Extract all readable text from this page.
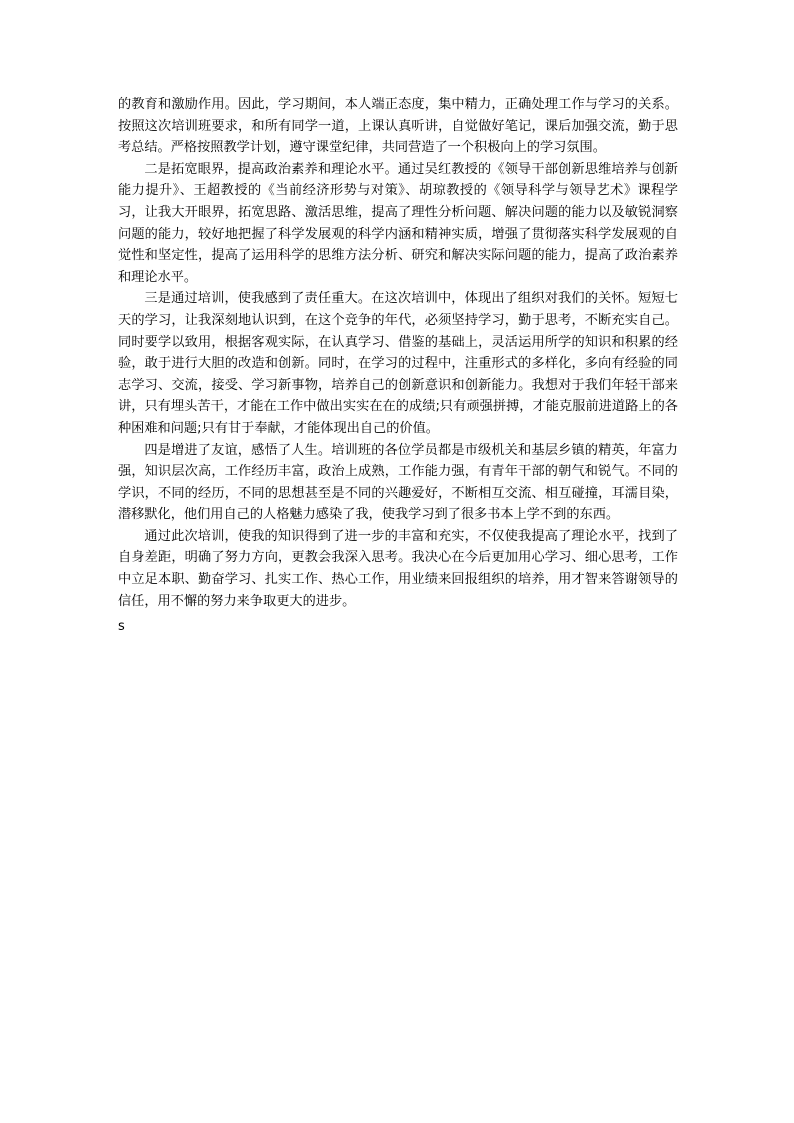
的教育和激励作用。因此，学习期间，本人端正态度，集中精力，正确处理工作与学习的关系。按照这次培训班要求，和所有同学一道，上课认真听讲，自觉做好笔记，课后加强交流，勤于思考总结。严格按照教学计划，遵守课堂纪律，共同营造了一个积极向上的学习氛围。

二是拓宽眼界，提高政治素养和理论水平。通过吴红教授的《领导干部创新思维培养与创新能力提升》、王超教授的《当前经济形势与对策》、胡琼教授的《领导科学与领导艺术》课程学习，让我大开眼界，拓宽思路、激活思维，提高了理性分析问题、解决问题的能力以及敏锐洞察问题的能力，较好地把握了科学发展观的科学内涵和精神实质，增强了贯彻落实科学发展观的自觉性和坚定性，提高了运用科学的思维方法分析、研究和解决实际问题的能力，提高了政治素养和理论水平。

三是通过培训，使我感到了责任重大。在这次培训中，体现出了组织对我们的关怀。短短七天的学习，让我深刻地认识到，在这个竞争的年代，必须坚持学习，勤于思考，不断充实自己。同时要学以致用，根据客观实际，在认真学习、借鉴的基础上，灵活运用所学的知识和积累的经验，敢于进行大胆的改造和创新。同时，在学习的过程中，注重形式的多样化，多向有经验的同志学习、交流，接受、学习新事物，培养自己的创新意识和创新能力。我想对于我们年轻干部来讲，只有埋头苦干，才能在工作中做出实实在在的成绩;只有顽强拼搏，才能克服前进道路上的各种困难和问题;只有甘于奉献，才能体现出自己的价值。

四是增进了友谊，感悟了人生。培训班的各位学员都是市级机关和基层乡镇的精英，年富力强，知识层次高，工作经历丰富，政治上成熟，工作能力强，有青年干部的朝气和锐气。不同的学识，不同的经历，不同的思想甚至是不同的兴趣爱好，不断相互交流、相互碰撞，耳濡目染，潜移默化，他们用自己的人格魅力感染了我，使我学习到了很多书本上学不到的东西。

通过此次培训，使我的知识得到了进一步的丰富和充实，不仅使我提高了理论水平，找到了自身差距，明确了努力方向，更教会我深入思考。我决心在今后更加用心学习、细心思考，工作中立足本职、勤奋学习、扎实工作、热心工作，用业绩来回报组织的培养，用才智来答谢领导的信任，用不懈的努力来争取更大的进步。

s
